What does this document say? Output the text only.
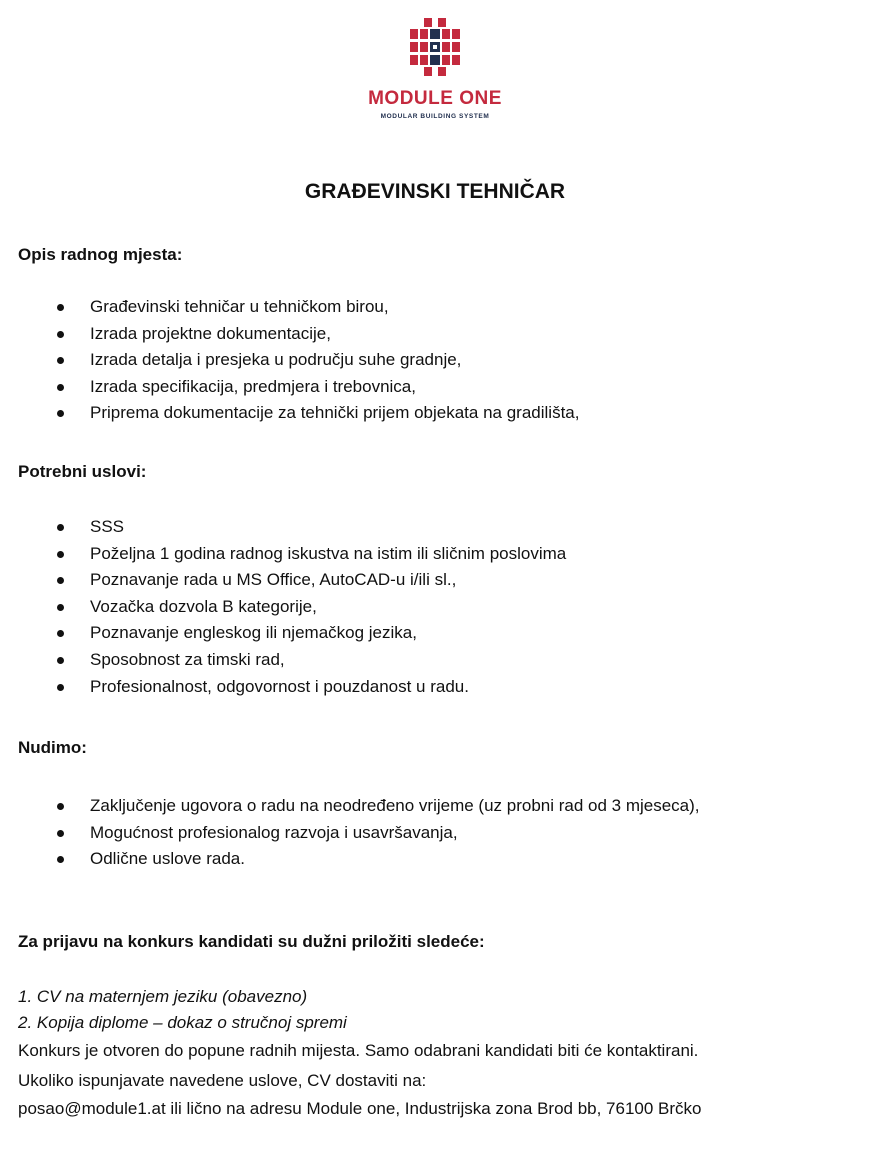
MODULE ONE
MODULAR BUILDING SYSTEM
GRAĐEVINSKI TEHNIČAR
Opis radnog mjesta:
Građevinski tehničar u tehničkom birou,
Izrada projektne dokumentacije,
Izrada detalja i presjeka u području suhe gradnje,
Izrada specifikacija, predmjera i trebovnica,
Priprema dokumentacije za tehnički prijem objekata na gradilišta,
Potrebni uslovi:
SSS
Poželjna 1 godina radnog iskustva na istim ili sličnim poslovima
Poznavanje rada u MS Office, AutoCAD-u i/ili sl.,
Vozačka dozvola B kategorije,
Poznavanje engleskog ili njemačkog jezika,
Sposobnost za timski rad,
Profesionalnost, odgovornost i pouzdanost u radu.
Nudimo:
Zaključenje ugovora o radu na neodređeno vrijeme (uz probni rad od 3 mjeseca),
Mogućnost profesionalog razvoja i usavršavanja,
Odlične uslove rada.
Za prijavu na konkurs kandidati su dužni priložiti sledeće:
1. CV na maternjem jeziku (obavezno)
2. Kopija diplome – dokaz o stručnoj spremi
Konkurs je otvoren do popune radnih mijesta. Samo odabrani kandidati biti će kontaktirani.
Ukoliko ispunjavate navedene uslove, CV dostaviti na:
posao@module1.at ili lično na adresu Module one, Industrijska zona Brod bb, 76100 Brčko
